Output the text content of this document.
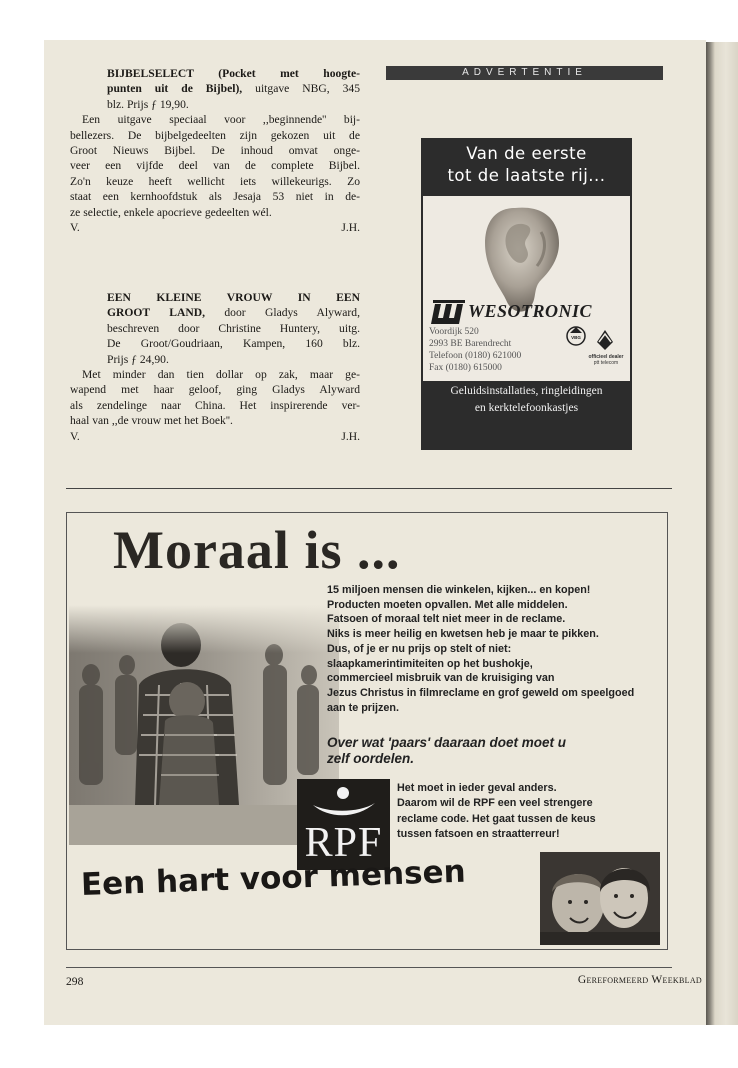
BIJBELSELECT (Pocket met hoogte-
punten uit de Bijbel), uitgave NBG, 345
blz. Prijs ƒ 19,90.
Een uitgave speciaal voor ,,beginnende'' bij-
bellezers. De bijbelgedeelten zijn gekozen uit de
Groot Nieuws Bijbel. De inhoud omvat onge-
veer een vijfde deel van de complete Bijbel.
Zo'n keuze heeft wellicht iets willekeurigs. Zo
staat een kernhoofdstuk als Jesaja 53 niet in de-
ze selectie, enkele apocrieve gedeelten wél.
V.	J.H.
EEN KLEINE VROUW IN EEN
GROOT LAND, door Gladys Alyward,
beschreven door Christine Huntery, uitg.
De Groot/Goudriaan, Kampen, 160 blz.
Prijs ƒ 24,90.
Met minder dan tien dollar op zak, maar ge-
wapend met haar geloof, ging Gladys Alyward
als zendelinge naar China. Het inspirerende ver-
haal van ,,de vrouw met het Boek''.
V.	J.H.
ADVERTENTIE
Van de eerste
tot de laatste rij...
WESOTRONIC
Voordijk 520
2993 BE Barendrecht
Telefoon (0180) 621000
Fax (0180) 615000
VBG
officieel dealer
ptt telecom
Geluidsinstallaties, ringleidingen
en kerktelefoonkastjes
Moraal is ...
15 miljoen mensen die winkelen, kijken... en kopen!
Producten moeten opvallen. Met alle middelen.
Fatsoen of moraal telt niet meer in de reclame.
Niks is meer heilig en kwetsen heb je maar te pikken.
Dus, of je er nu prijs op stelt of niet:
slaapkamerintimiteiten op het bushokje,
commercieel misbruik van de kruisiging van
Jezus Christus in filmreclame en grof geweld om speelgoed
aan te prijzen.
Over wat 'paars' daaraan doet moet u
zelf oordelen.
Het moet in ieder geval anders.
Daarom wil de RPF een veel strengere
reclame code. Het gaat tussen de keus
tussen fatsoen en straatterreur!
RPF
Een hart voor mensen
298	Gereformeerd Weekblad
